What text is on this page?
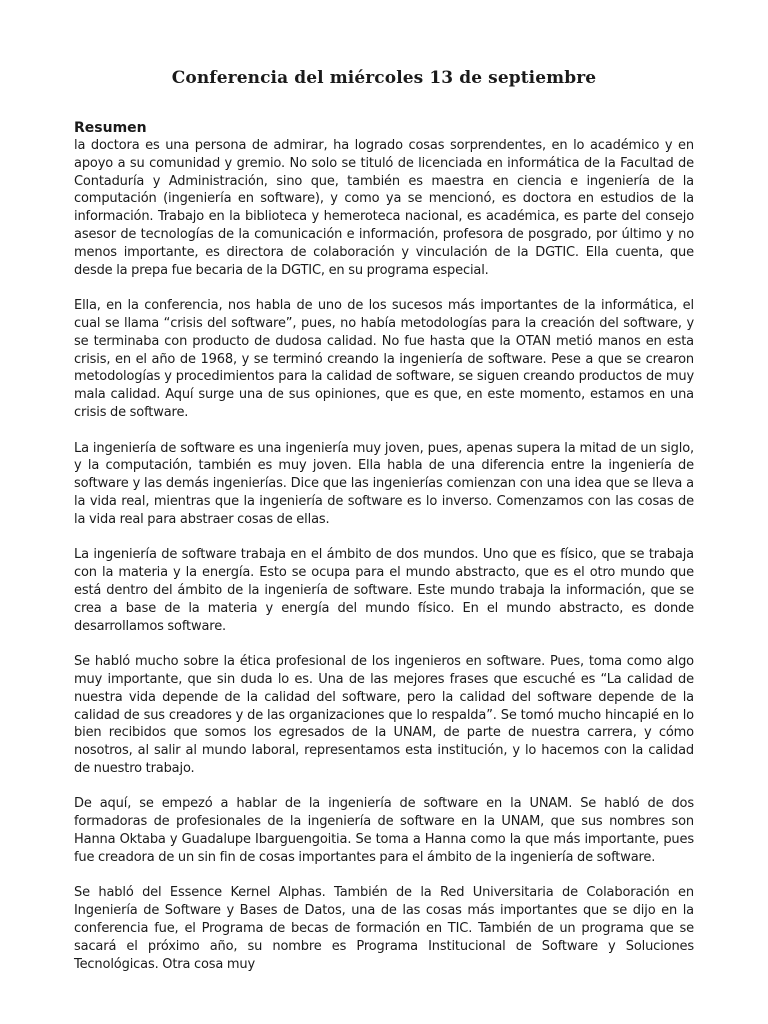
Conferencia del miércoles 13 de septiembre
Resumen

la doctora es una persona de admirar, ha logrado cosas sorprendentes, en lo académico y en apoyo a su comunidad y gremio. No solo se tituló de licenciada en informática de la Facultad de Contaduría y Administración, sino que, también es maestra en ciencia e ingeniería de la computación (ingeniería en software), y como ya se mencionó, es doctora en estudios de la información. Trabajo en la biblioteca y hemeroteca nacional, es académica, es parte del consejo asesor de tecnologías de la comunicación e información, profesora de posgrado, por último y no menos importante, es directora de colaboración y vinculación de la DGTIC. Ella cuenta, que desde la prepa fue becaria de la DGTIC, en su programa especial.

Ella, en la conferencia, nos habla de uno de los sucesos más importantes de la informática, el cual se llama “crisis del software”, pues, no había metodologías para la creación del software, y se terminaba con producto de dudosa calidad. No fue hasta que la OTAN metió manos en esta crisis, en el año de 1968, y se terminó creando la ingeniería de software. Pese a que se crearon metodologías y procedimientos para la calidad de software, se siguen creando productos de muy mala calidad. Aquí surge una de sus opiniones, que es que, en este momento, estamos en una crisis de software.

La ingeniería de software es una ingeniería muy joven, pues, apenas supera la mitad de un siglo, y la computación, también es muy joven. Ella habla de una diferencia entre la ingeniería de software y las demás ingenierías. Dice que las ingenierías comienzan con una idea que se lleva a la vida real, mientras que la ingeniería de software es lo inverso. Comenzamos con las cosas de la vida real para abstraer cosas de ellas.

La ingeniería de software trabaja en el ámbito de dos mundos. Uno que es físico, que se trabaja con la materia y la energía. Esto se ocupa para el mundo abstracto, que es el otro mundo que está dentro del ámbito de la ingeniería de software. Este mundo trabaja la información, que se crea a base de la materia y energía del mundo físico. En el mundo abstracto, es donde desarrollamos software.

Se habló mucho sobre la ética profesional de los ingenieros en software. Pues, toma como algo muy importante, que sin duda lo es. Una de las mejores frases que escuché es “La calidad de nuestra vida depende de la calidad del software, pero la calidad del software depende de la calidad de sus creadores y de las organizaciones que lo respalda”. Se tomó mucho hincapié en lo bien recibidos que somos los egresados de la UNAM, de parte de nuestra carrera, y cómo nosotros, al salir al mundo laboral, representamos esta institución, y lo hacemos con la calidad de nuestro trabajo.

De aquí, se empezó a hablar de la ingeniería de software en la UNAM. Se habló de dos formadoras de profesionales de la ingeniería de software en la UNAM, que sus nombres son Hanna Oktaba y Guadalupe Ibarguengoitia. Se toma a Hanna como la que más importante, pues fue creadora de un sin fin de cosas importantes para el ámbito de la ingeniería de software.

Se habló del Essence Kernel Alphas. También de la Red Universitaria de Colaboración en Ingeniería de Software y Bases de Datos, una de las cosas más importantes que se dijo en la conferencia fue, el Programa de becas de formación en TIC. También de un programa que se sacará el próximo año, su nombre es Programa Institucional de Software y Soluciones Tecnológicas. Otra cosa muy
